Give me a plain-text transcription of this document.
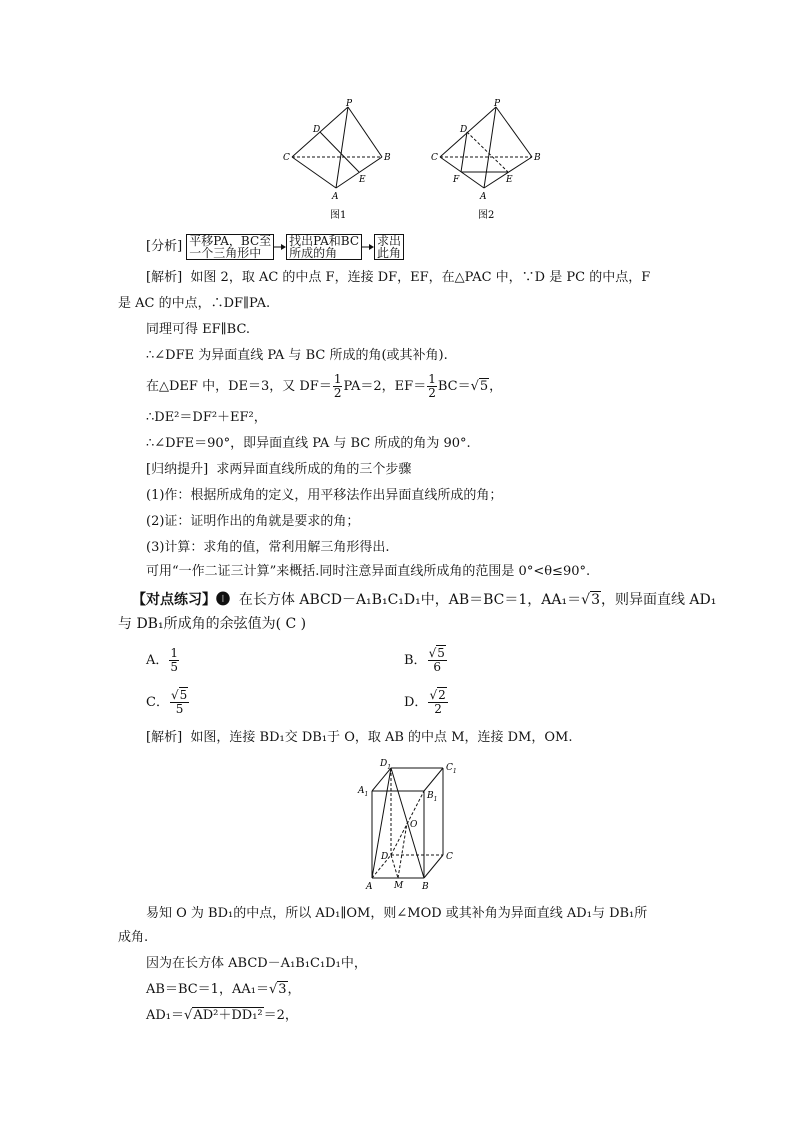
P
D
C	B
E
A
图1
P
D
C	B
F	E
A
图2
[分析] 平移PA，BC至
一个三角形中找出PA和BC
所成的角求出
此角
[解析] 如图 2，取 AC 的中点 F，连接 DF，EF，在△PAC 中，∵D 是 PC 的中点，F
是 AC 的中点，∴DF∥PA.
同理可得 EF∥BC.
∴∠DFE 为异面直线 PA 与 BC 所成的角(或其补角).
在△DEF 中，DE＝3，又 $DF= \frac{1}{2} PA=2$，$EF= \frac{1}{2} BC=√5$，
∴DE²＝DF²＋EF²，
∴∠DFE＝90°，即异面直线 PA 与 BC 所成的角为 90°.
[归纳提升] 求两异面直线所成的角的三个步骤
(1)作：根据所成角的定义，用平移法作出异面直线所成的角；
(2)证：证明作出的角就是要求的角；
(3)计算：求角的值，常利用解三角形得出.
可用“一作二证三计算”来概括.同时注意异面直线所成角的范围是 0°<θ≤90°.
【对点练习】❶ 在长方体 ABCD－A₁B₁C₁D₁中，AB＝BC＝1，AA₁＝√3，则异面直线 AD₁
与 DB₁所成角的余弦值为( C )
A． $\frac{1}{5}$	B． $\frac{√5}{6}$
C． $\frac{√5}{5}$	D． $\frac{√2}{2}$
[解析] 如图，连接 BD₁交 DB₁于 O，取 AB 的中点 M，连接 DM，OM.
$D_1$	$C_1$
$A_1$	$B_1$
O
D	C
A M B
易知 O 为 BD₁的中点，所以 AD₁∥OM，则∠MOD 或其补角为异面直线 AD₁与 DB₁所
成角.
因为在长方体 ABCD－A₁B₁C₁D₁中，
AB＝BC＝1，AA₁＝√3，
AD₁＝√AD²＋DD₁²＝2，
